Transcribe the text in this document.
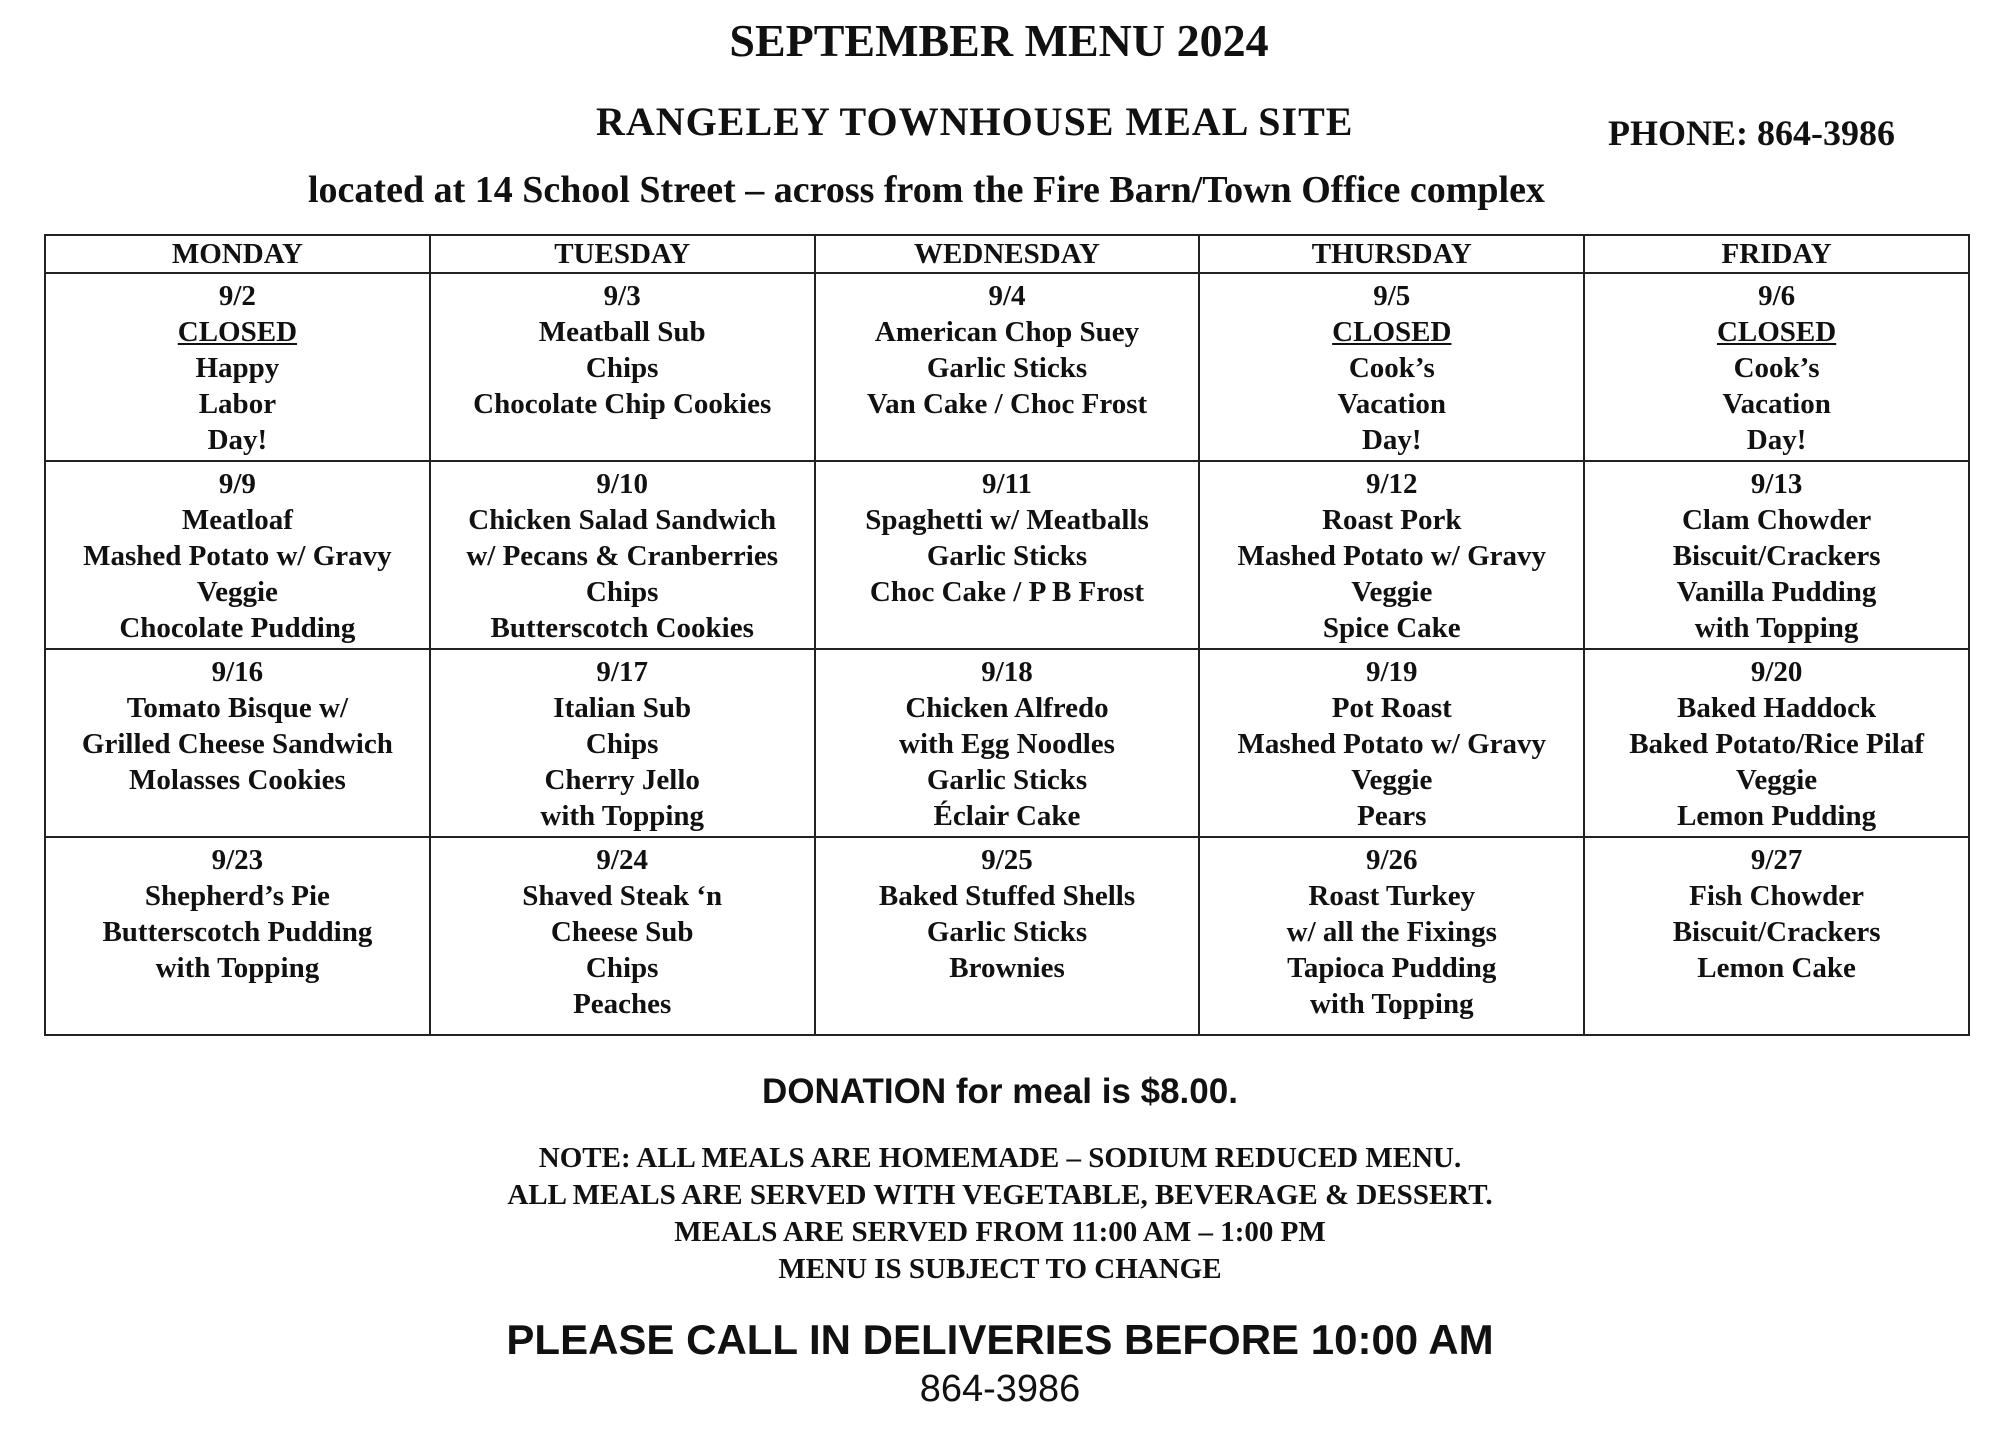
SEPTEMBER MENU 2024
RANGELEY TOWNHOUSE MEAL SITE	PHONE: 864-3986
located at 14 School Street – across from the Fire Barn/Town Office complex
MONDAY	TUESDAY	WEDNESDAY	THURSDAY	FRIDAY

9/2
CLOSED
Happy
Labor
Day!	9/3
Meatball Sub
Chips
Chocolate Chip Cookies	9/4
American Chop Suey
Garlic Sticks
Van Cake / Choc Frost	9/5
CLOSED
Cook’s
Vacation
Day!	9/6
CLOSED
Cook’s
Vacation
Day!

9/9
Meatloaf
Mashed Potato w/ Gravy
Veggie
Chocolate Pudding	9/10
Chicken Salad Sandwich
w/ Pecans & Cranberries
Chips
Butterscotch Cookies	9/11
Spaghetti w/ Meatballs
Garlic Sticks
Choc Cake / P B Frost	9/12
Roast Pork
Mashed Potato w/ Gravy
Veggie
Spice Cake	9/13
Clam Chowder
Biscuit/Crackers
Vanilla Pudding
with Topping

9/16
Tomato Bisque w/
Grilled Cheese Sandwich
Molasses Cookies	9/17
Italian Sub
Chips
Cherry Jello
with Topping	9/18
Chicken Alfredo
with Egg Noodles
Garlic Sticks
Éclair Cake	9/19
Pot Roast
Mashed Potato w/ Gravy
Veggie
Pears	9/20
Baked Haddock
Baked Potato/Rice Pilaf
Veggie
Lemon Pudding

9/23
Shepherd’s Pie
Butterscotch Pudding
with Topping	9/24
Shaved Steak ‘n
Cheese Sub
Chips
Peaches	9/25
Baked Stuffed Shells
Garlic Sticks
Brownies	9/26
Roast Turkey
w/ all the Fixings
Tapioca Pudding
with Topping	9/27
Fish Chowder
Biscuit/Crackers
Lemon Cake
DONATION for meal is $8.00.
NOTE: ALL MEALS ARE HOMEMADE – SODIUM REDUCED MENU.
ALL MEALS ARE SERVED WITH VEGETABLE, BEVERAGE & DESSERT.
MEALS ARE SERVED FROM 11:00 AM – 1:00 PM
MENU IS SUBJECT TO CHANGE
PLEASE CALL IN DELIVERIES BEFORE 10:00 AM
864-3986
